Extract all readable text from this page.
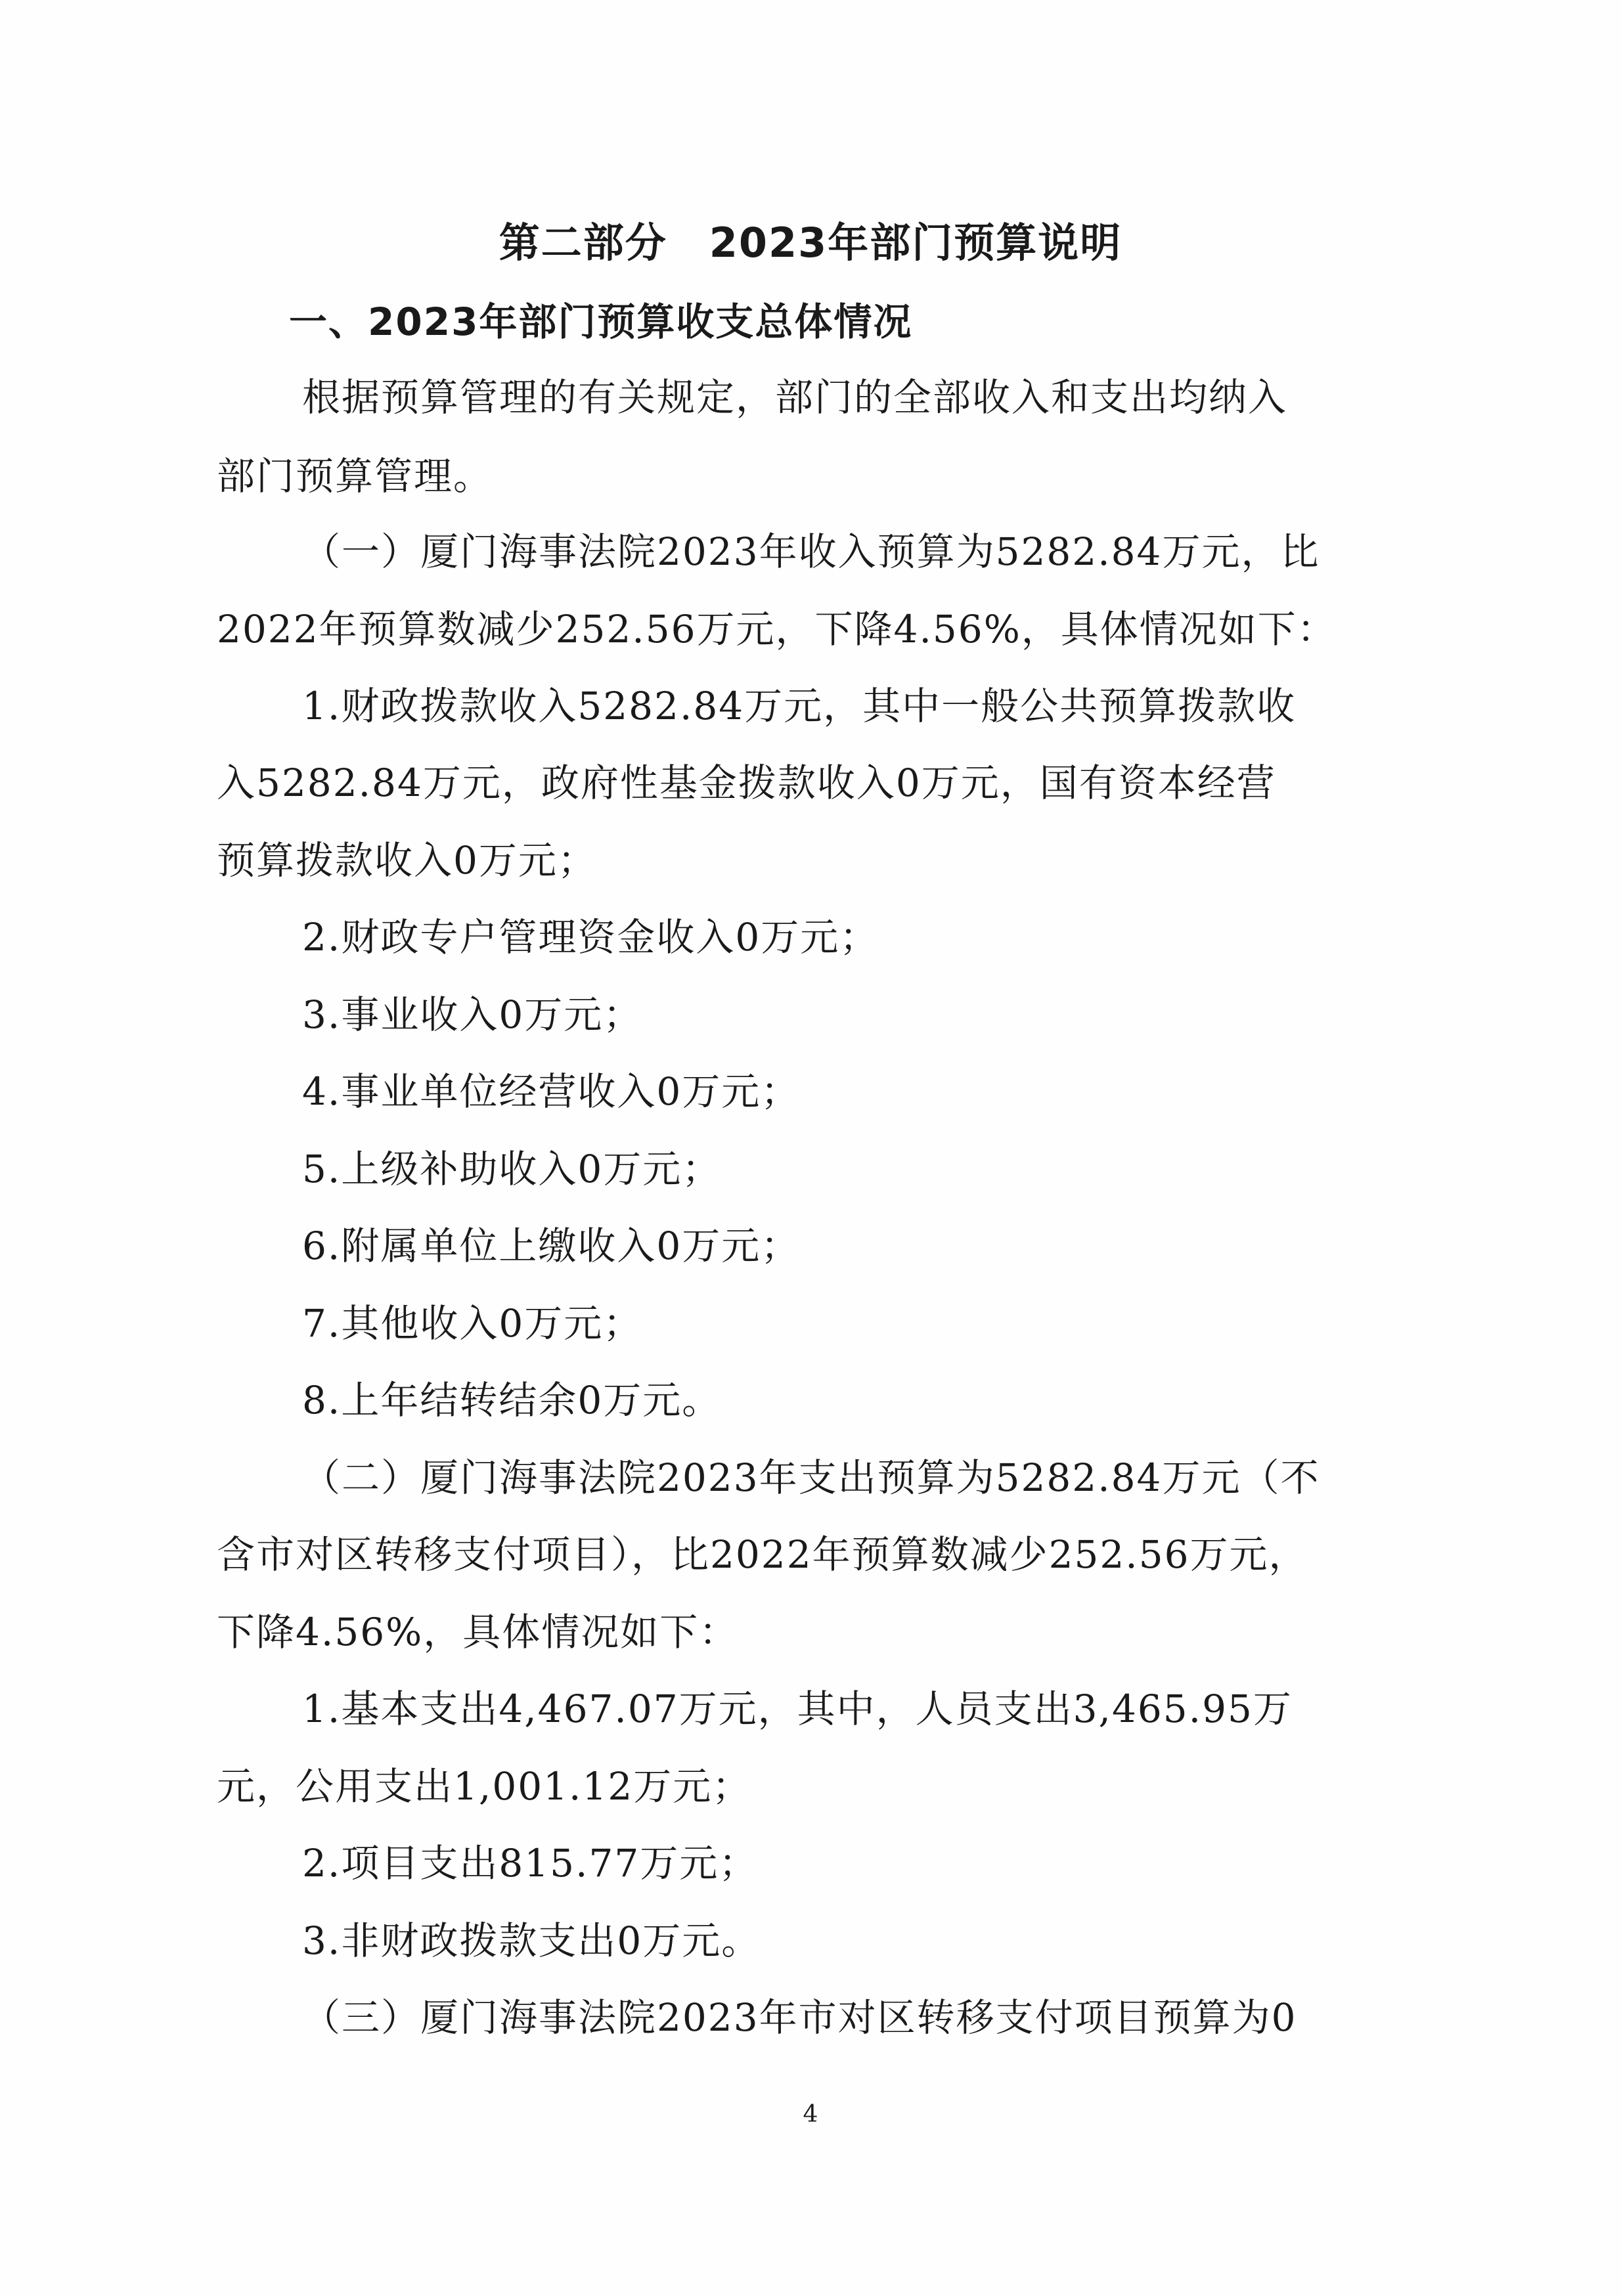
第二部分　2023年部门预算说明
一、2023年部门预算收支总体情况
根据预算管理的有关规定，部门的全部收入和支出均纳入
部门预算管理。
（一）厦门海事法院2023年收入预算为5282.84万元，比
2022年预算数减少252.56万元，下降4.56%，具体情况如下：
1.财政拨款收入5282.84万元，其中一般公共预算拨款收
入5282.84万元，政府性基金拨款收入0万元，国有资本经营
预算拨款收入0万元；
2.财政专户管理资金收入0万元；
3.事业收入0万元；
4.事业单位经营收入0万元；
5.上级补助收入0万元；
6.附属单位上缴收入0万元；
7.其他收入0万元；
8.上年结转结余0万元。
（二）厦门海事法院2023年支出预算为5282.84万元（不
含市对区转移支付项目），比2022年预算数减少252.56万元，
下降4.56%，具体情况如下：
1.基本支出4,467.07万元，其中，人员支出3,465.95万
元，公用支出1,001.12万元；
2.项目支出815.77万元；
3.非财政拨款支出0万元。
（三）厦门海事法院2023年市对区转移支付项目预算为0
4
